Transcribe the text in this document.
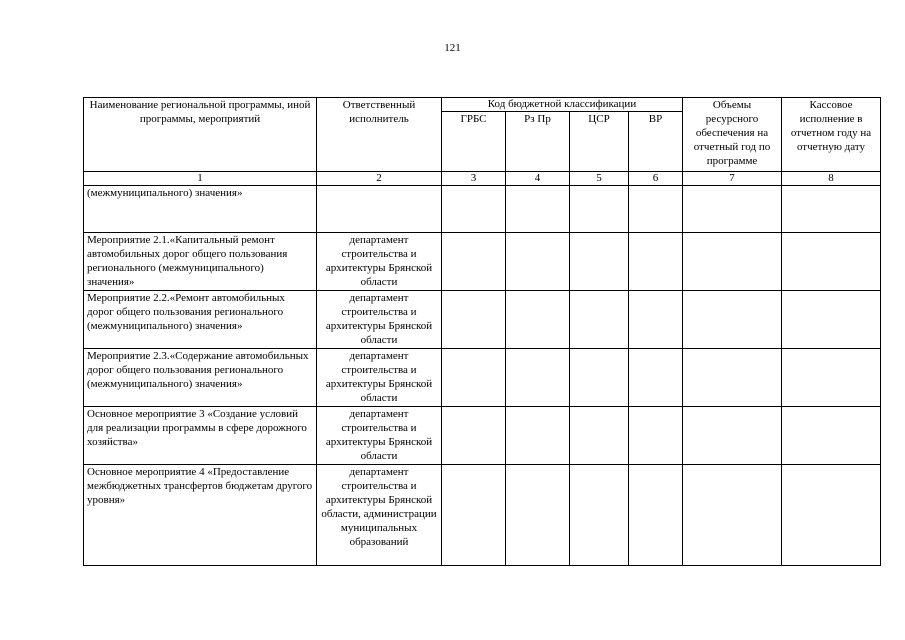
121
Наименование региональной программы, иной программы, мероприятий	Ответственный исполнитель	Код бюджетной классификации				Объемы ресурсного обеспечения на отчетный год по программе	Кассовое исполнение в отчетном году на отчетную дату
		ГРБС	Рз Пр	ЦСР	ВР		
1	2	3	4	5	6	7	8
(межмуниципального) значения»							
Мероприятие 2.1.«Капитальный ремонт автомобильных дорог общего пользования регионального (межмуниципального) значения»	департамент строительства и архитектуры Брянской области						
Мероприятие 2.2.«Ремонт автомобильных дорог общего пользования регионального (межмуниципального) значения»	департамент строительства и архитектуры Брянской области						
Мероприятие 2.3.«Содержание автомобильных дорог общего пользования регионального (межмуниципального) значения»	департамент строительства и архитектуры Брянской области						
Основное мероприятие 3 «Создание условий для реализации программы в сфере дорожного хозяйства»	департамент строительства и архитектуры Брянской области						
Основное мероприятие 4 «Предоставление межбюджетных трансфертов бюджетам другого уровня»	департамент строительства и архитектуры Брянской области, администрации муниципальных образований						
